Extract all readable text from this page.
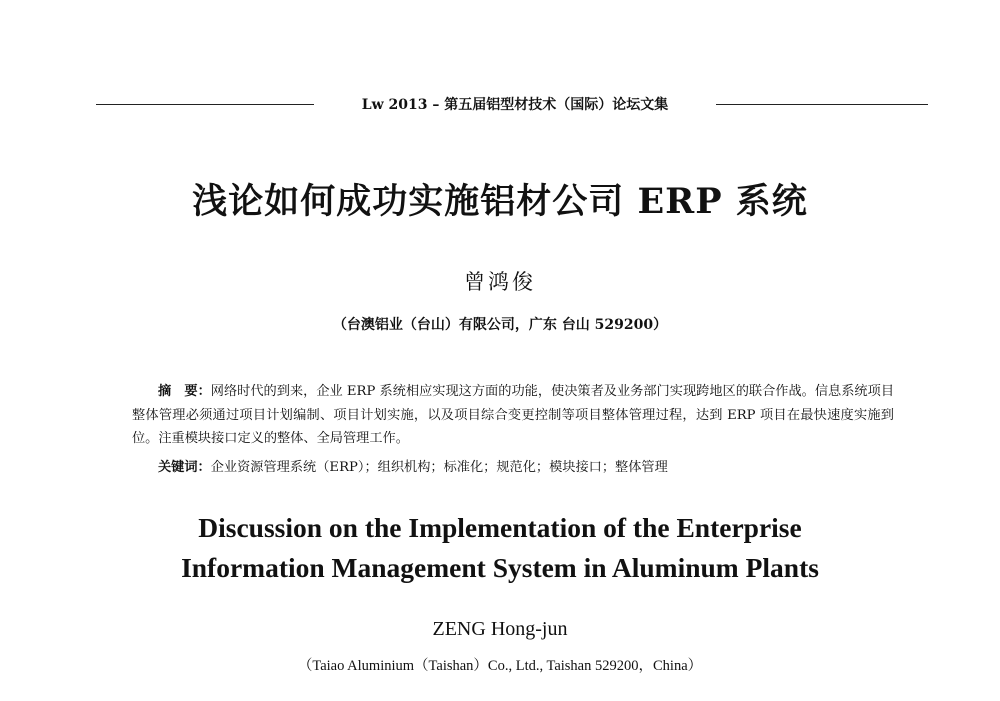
Lw 2013 – 第五届铝型材技术（国际）论坛文集
浅论如何成功实施铝材公司 ERP 系统
曾鸿俊
（台澳铝业（台山）有限公司，广东 台山 529200）
摘　要：网络时代的到来，企业 ERP 系统相应实现这方面的功能，使决策者及业务部门实现跨地区的联合作战。信息系统项目整体管理必须通过项目计划编制、项目计划实施，以及项目综合变更控制等项目整体管理过程，达到 ERP 项目在最快速度实施到位。注重模块接口定义的整体、全局管理工作。
关键词：企业资源管理系统（ERP）；组织机构；标准化；规范化；模块接口；整体管理
Discussion on the Implementation of the Enterprise
Information Management System in Aluminum Plants
ZENG Hong-jun
（Taiao Aluminium（Taishan）Co., Ltd., Taishan 529200，China）
